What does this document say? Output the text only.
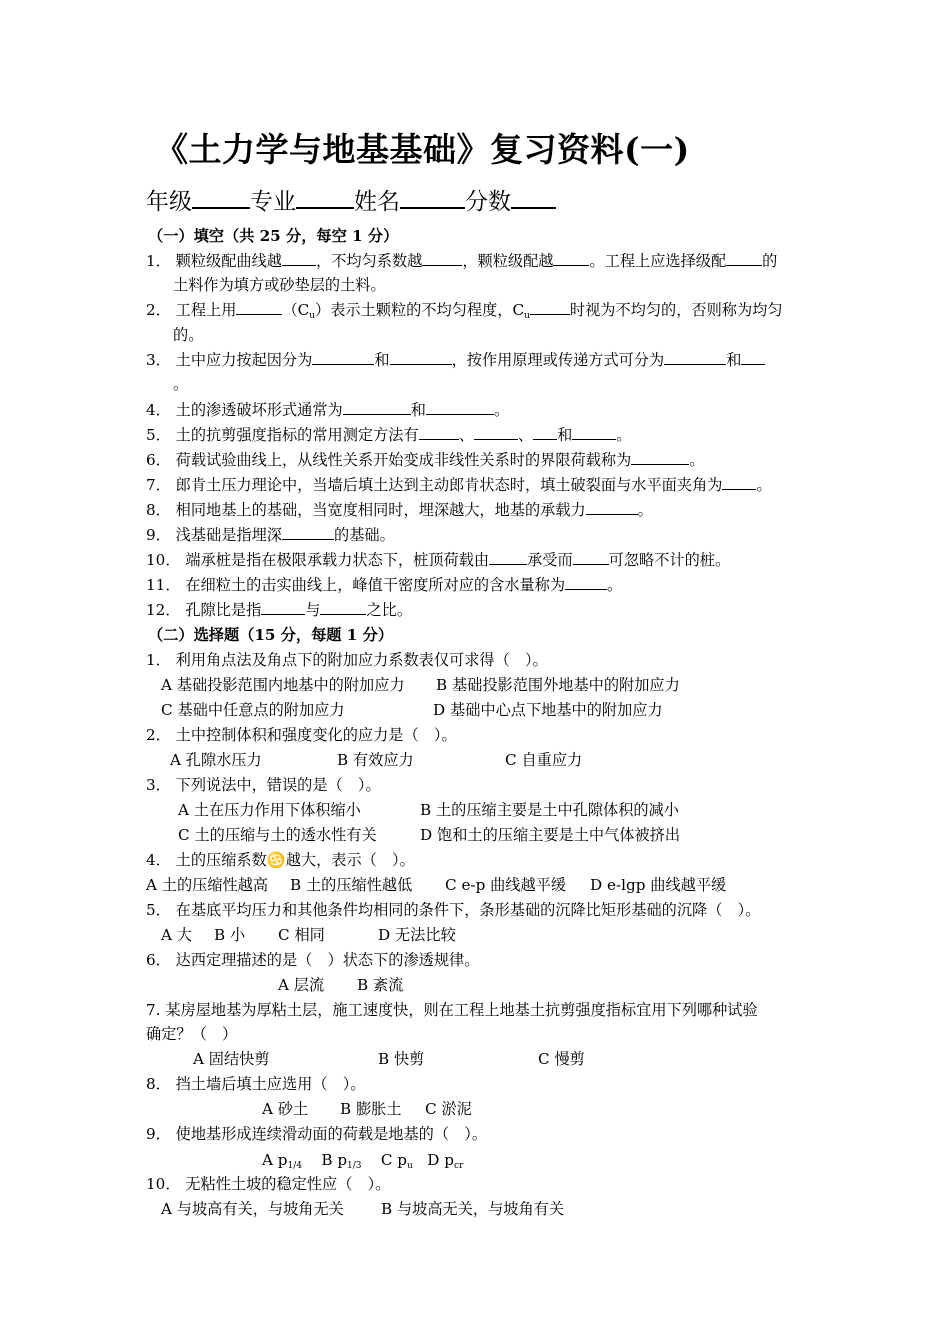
《土力学与地基基础》复习资料(一)
年级	专业	姓名	分数
（一）填空（共 25 分，每空 1 分）
1． 颗粒级配曲线越 ，不均匀系数越	，颗粒级配越 。工程上应选择级配 的
土料作为填方或砂垫层的土料。
2． 工程上用	$(C_u)$表示土颗粒的不均匀程度，$C_u$	时视为不均匀的，否则称为均匀
的。
3． 土中应力按起因分为	和	，按作用原理或传递方式可分为	和
。
4． 土的渗透破坏形式通常为	和	。
5． 土的抗剪强度指标的常用测定方法有	、	、 和	。
6． 荷载试验曲线上，从线性关系开始变成非线性关系时的界限荷载称为	。
7． 郎肯土压力理论中，当墙后填土达到主动郎肯状态时，填土破裂面与水平面夹角为 。
8． 相同地基上的基础，当宽度相同时，埋深越大，地基的承载力	。
9． 浅基础是指埋深	的基础。
10． 端承桩是指在极限承载力状态下，桩顶荷载由	承受而 可忽略不计的桩。
11． 在细粒土的击实曲线上，峰值干密度所对应的含水量称为	。
12． 孔隙比是指	与	之比。
（二）选择题（15 分，每题 1 分）
1． 利用角点法及角点下的附加应力系数表仅可求得（　）。
A 基础投影范围内地基中的附加应力 B 基础投影范围外地基中的附加应力
C 基础中任意点的附加应力	D 基础中心点下地基中的附加应力
2． 土中控制体积和强度变化的应力是（　）。
A 孔隙水压力	B 有效应力	C 自重应力
3． 下列说法中，错误的是（　）。
A 土在压力作用下体积缩小	B 土的压缩主要是土中孔隙体积的减小
C 土的压缩与土的透水性有关	D 饱和土的压缩主要是土中气体被挤出
4． 土的压缩系数♋越大，表示（　）。
A 土的压缩性越高 B 土的压缩性越低 C e-p 曲线越平缓 D e-lgp 曲线越平缓
5． 在基底平均压力和其他条件均相同的条件下，条形基础的沉降比矩形基础的沉降（　）。
A 大 B 小 C 相同	D 无法比较
6． 达西定理描述的是（　）状态下的渗透规律。
A 层流 B 紊流
7. 某房屋地基为厚粘土层，施工速度快，则在工程上地基土抗剪强度指标宜用下列哪种试验
确定？（　）
A 固结快剪	B 快剪	C 慢剪
8． 挡土墙后填土应选用（　）。
A 砂土 B 膨胀土 C 淤泥
9． 使地基形成连续滑动面的荷载是地基的（　）。
A $p_{1/4}$ B $p_{1/3}$ C $p_u$ D $p_{cr}$
10． 无粘性土坡的稳定性应（　）。
A 与坡高有关，与坡角无关 B 与坡高无关，与坡角有关
